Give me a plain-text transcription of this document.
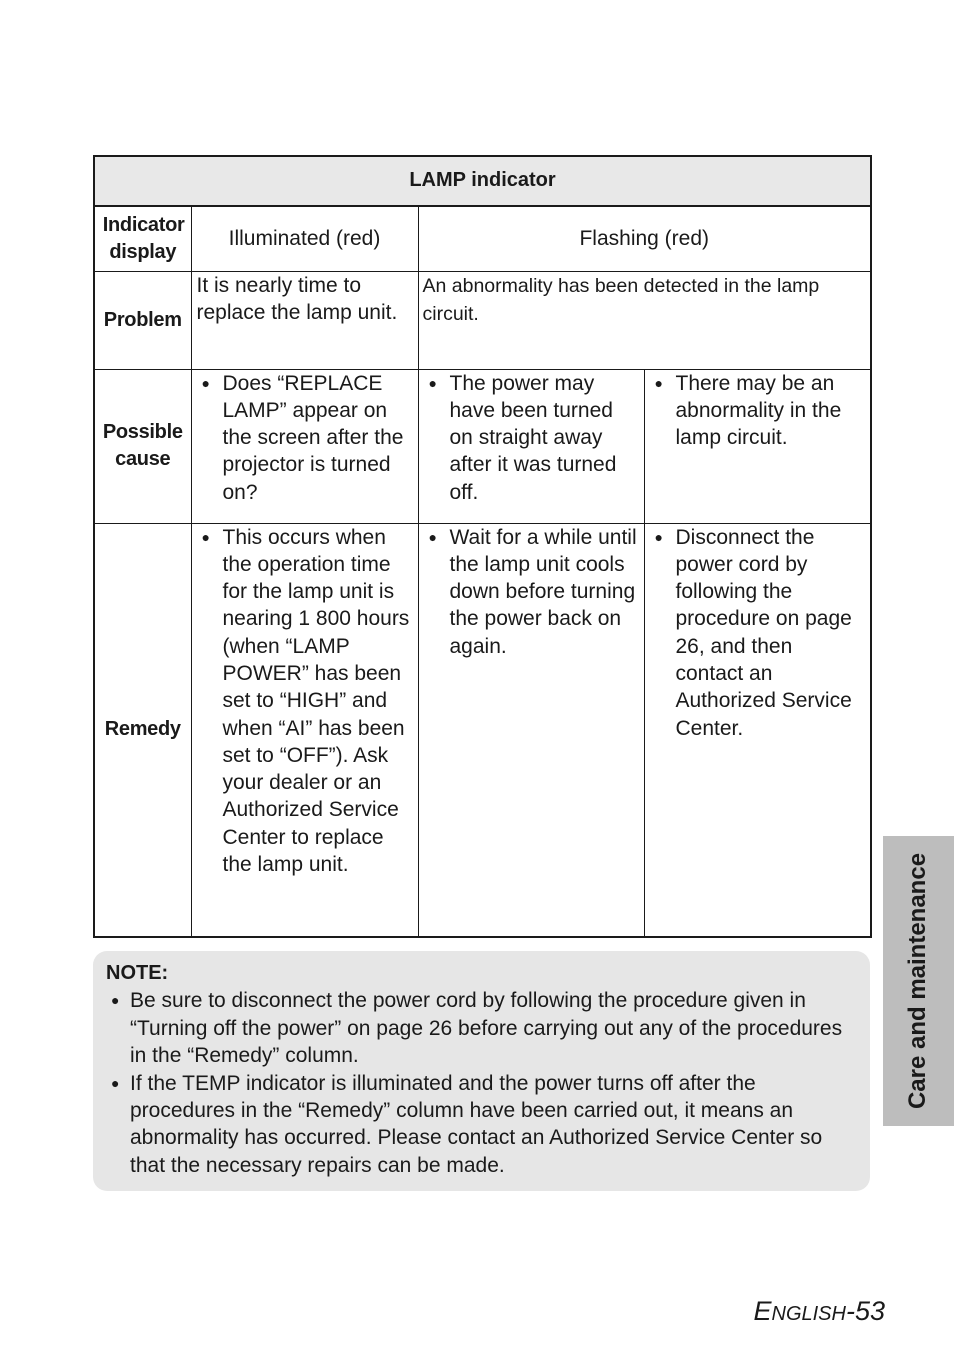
LAMP indicator			
Indicator display	Illuminated (red)	Flashing (red)	
Problem	It is nearly time to replace the lamp unit.	An abnormality has been detected in the lamp circuit.	
Possible cause	● Does “REPLACE LAMP” appear on the screen after the projector is turned on?	● The power may have been turned on straight away after it was turned off.	● There may be an abnormality in the lamp circuit.

Remedy	● This occurs when the operation time for the lamp unit is nearing 1 800 hours (when “LAMP POWER” has been set to “HIGH” and when “AI” has been set to “OFF”). Ask your dealer or an Authorized Service Center to replace the lamp unit.	● Wait for a while until the lamp unit cools down before turning the power back on again.	● Disconnect the power cord by following the procedure on page 26, and then contact an Authorized Service Center.
NOTE:
● Be sure to disconnect the power cord by following the procedure given in “Turning off the power” on page 26 before carrying out any of the procedures in the “Remedy” column.
● If the TEMP indicator is illuminated and the power turns off after the procedures in the “Remedy” column have been carried out, it means an abnormality has occurred. Please contact an Authorized Service Center so that the necessary repairs can be made.
Care and maintenance
ENGLISH-53
